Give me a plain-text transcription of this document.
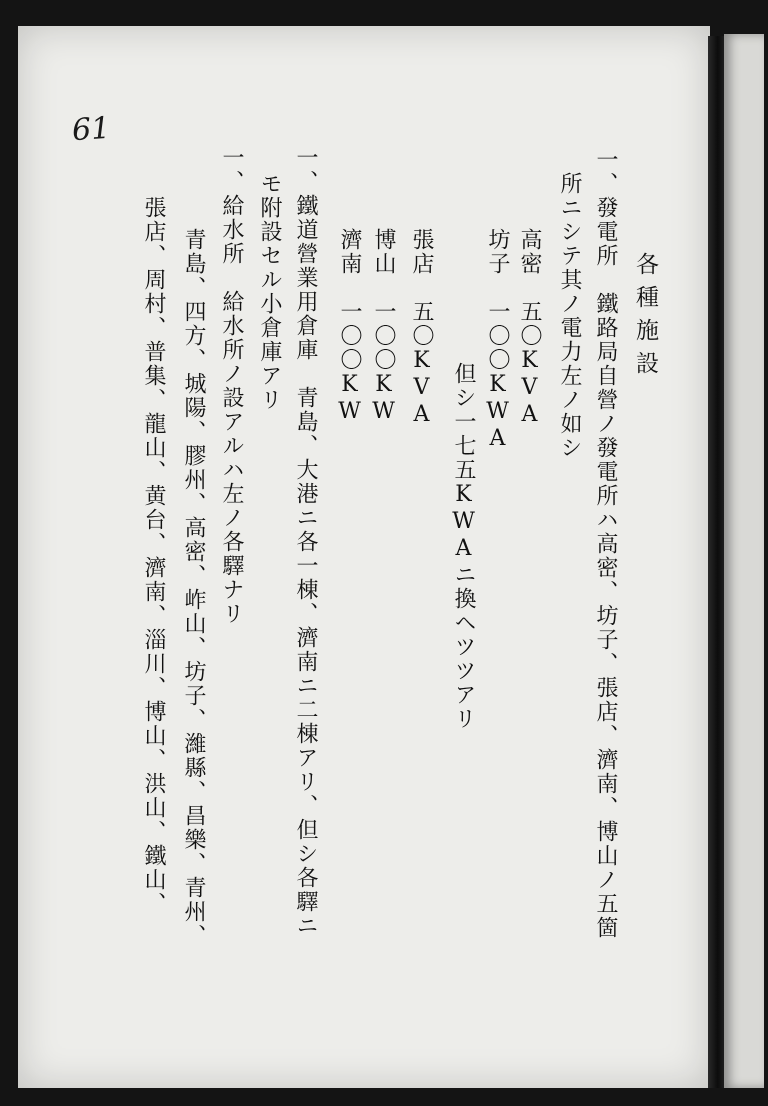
61
各種施設
一、發電所　鐵路局自營ノ發電所ハ高密、坊子、張店、濟南、博山ノ五箇
所ニシテ其ノ電力左ノ如シ
高密　五〇KVA
坊子　一〇〇KWA
但シ一七五KWAニ換ヘツツアリ
張店　五〇KVA
博山　一〇〇KW
濟南　一〇〇KW
一、鐵道營業用倉庫　青島、大港ニ各一棟、濟南ニ二棟アリ、但シ各驛ニ
モ附設セル小倉庫アリ
一、給水所　給水所ノ設アルハ左ノ各驛ナリ
青島、四方、城陽、膠州、高密、岞山、坊子、濰縣、昌樂、青州、
張店、周村、普集、龍山、黄台、濟南、淄川、博山、洪山、鐵山、
